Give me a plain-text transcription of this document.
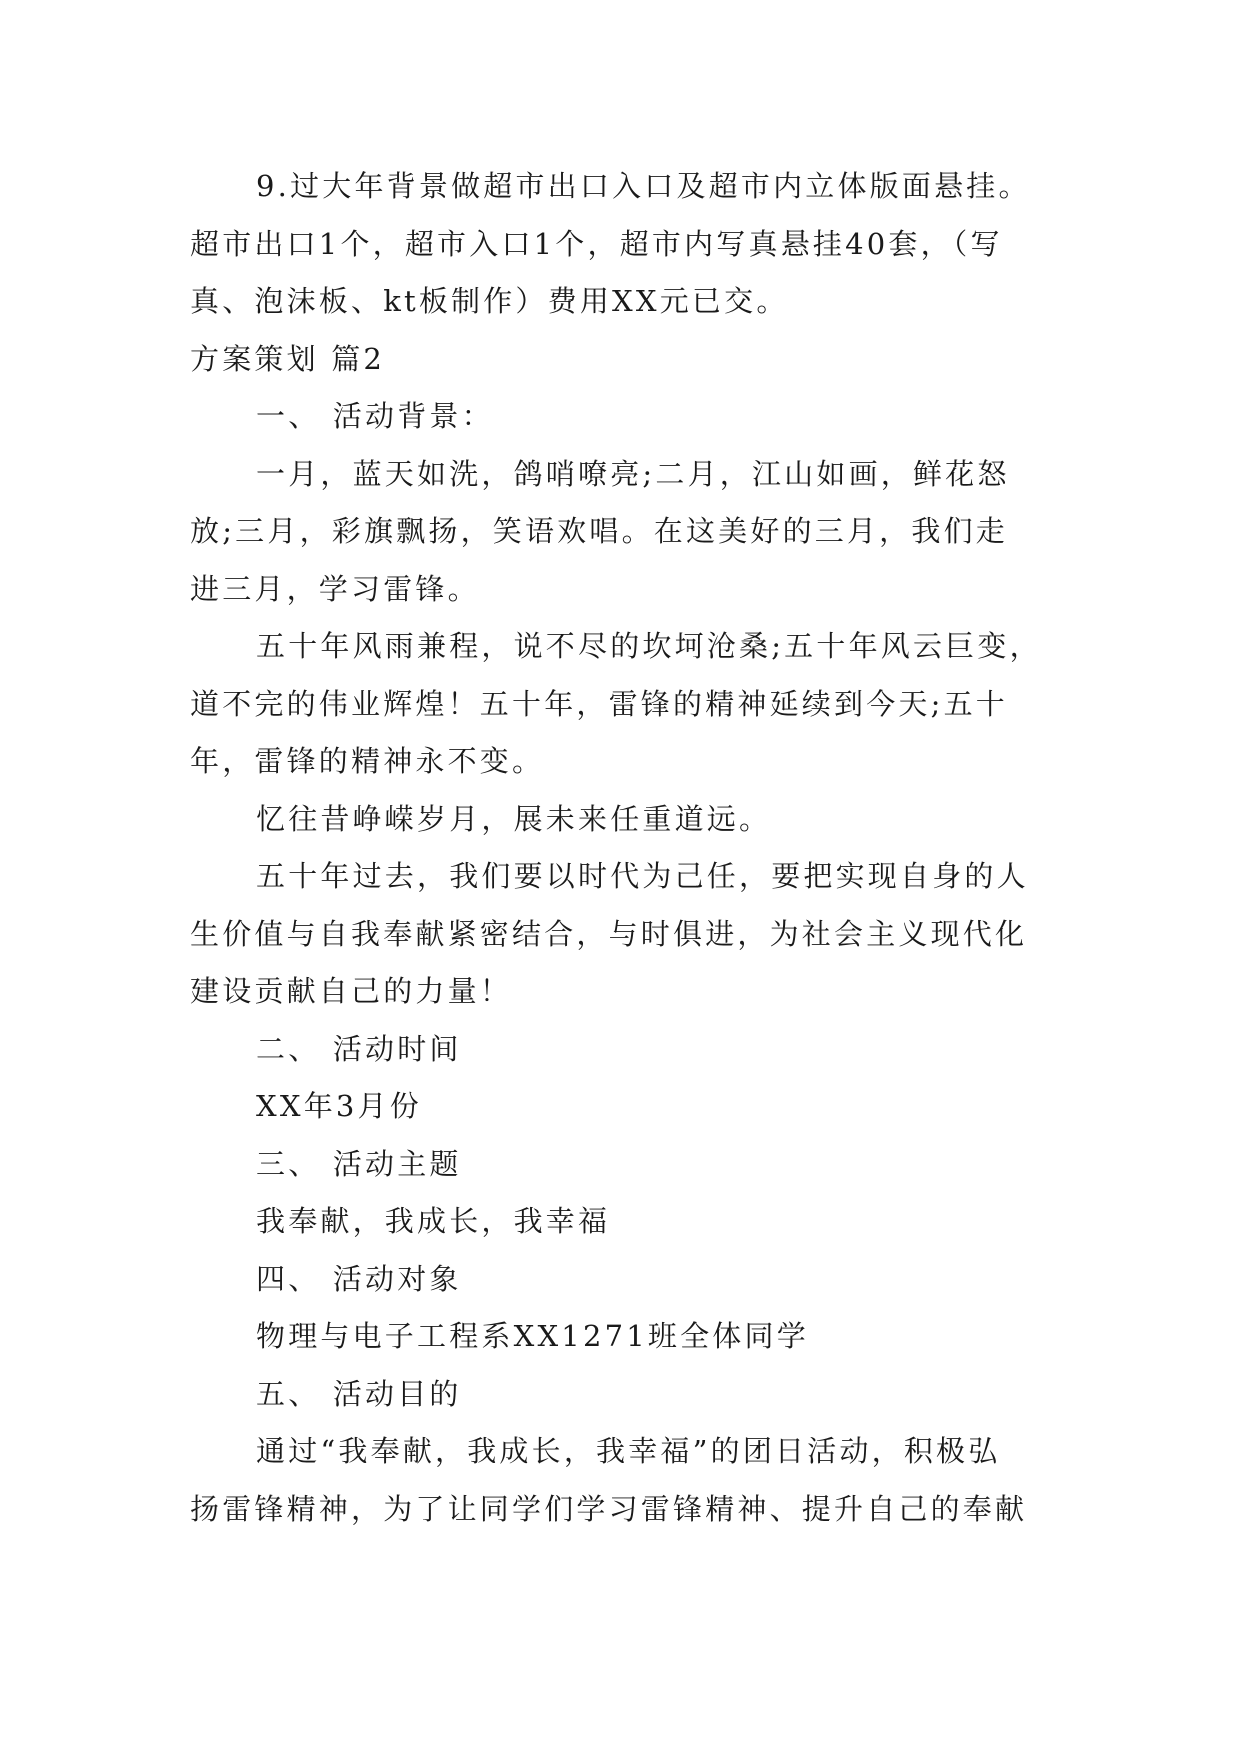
9.过大年背景做超市出口入口及超市内立体版面悬挂。
超市出口1个，超市入口1个，超市内写真悬挂40套，（写
真、泡沫板、kt板制作）费用XX元已交。
方案策划 篇2
一、 活动背景：
一月，蓝天如洗，鸽哨嘹亮;二月，江山如画，鲜花怒
放;三月，彩旗飘扬，笑语欢唱。在这美好的三月，我们走
进三月，学习雷锋。
五十年风雨兼程，说不尽的坎坷沧桑;五十年风云巨变，
道不完的伟业辉煌！五十年，雷锋的精神延续到今天;五十
年，雷锋的精神永不变。
忆往昔峥嵘岁月，展未来任重道远。
五十年过去，我们要以时代为己任，要把实现自身的人
生价值与自我奉献紧密结合，与时俱进，为社会主义现代化
建设贡献自己的力量！
二、 活动时间
XX年3月份
三、 活动主题
我奉献，我成长，我幸福
四、 活动对象
物理与电子工程系XX1271班全体同学
五、 活动目的
通过“我奉献，我成长，我幸福”的团日活动，积极弘
扬雷锋精神，为了让同学们学习雷锋精神、提升自己的奉献
